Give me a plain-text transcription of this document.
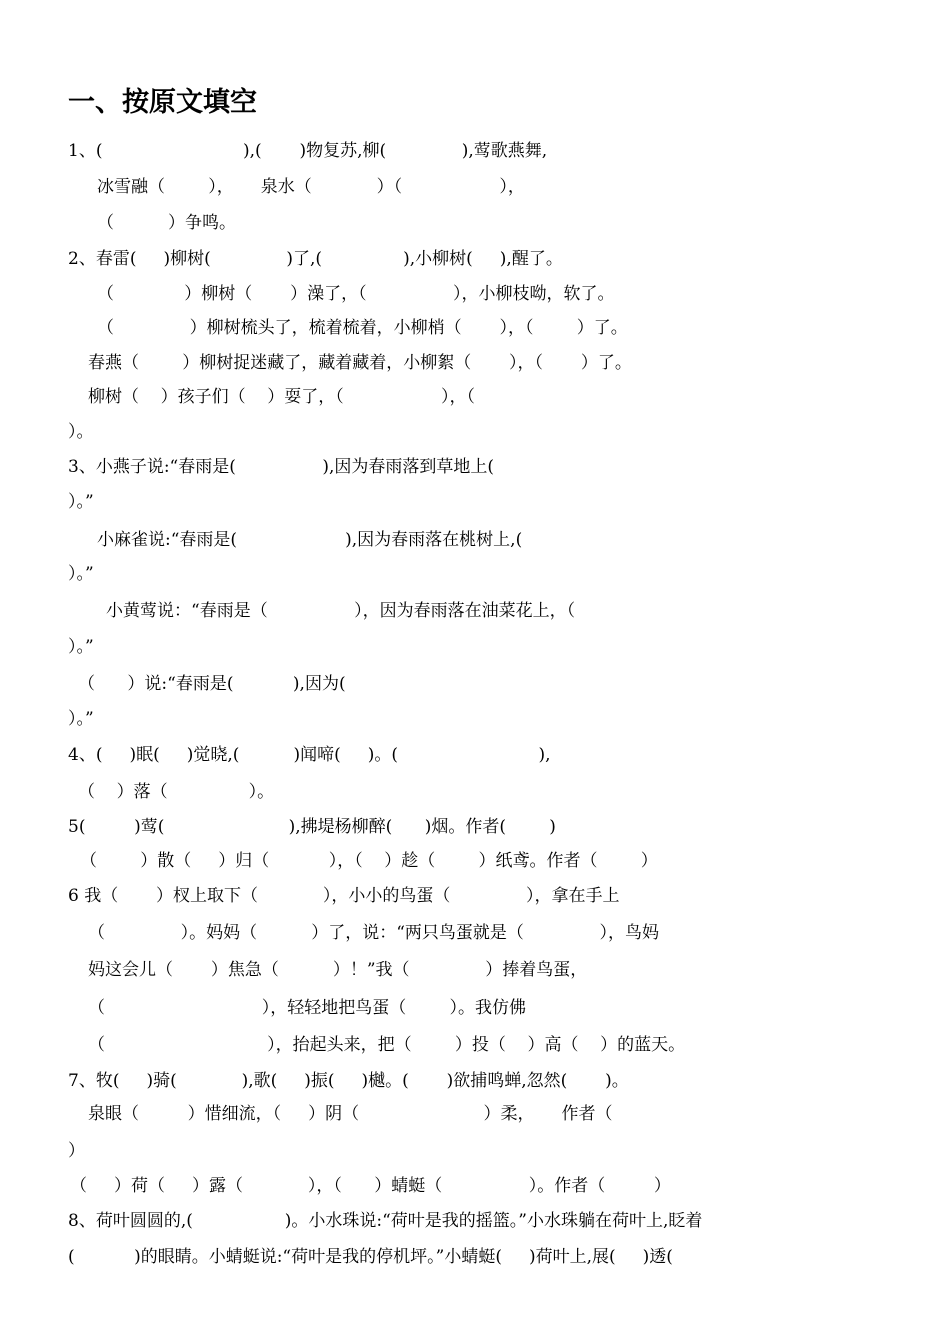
一、按原文填空
1、(                          ),(       )物复苏,柳(              ),莺歌燕舞,
冰雪融（        ），     泉水（            ）（                  ），
（          ）争鸣。
2、春雷(     )柳树(              )了,(               ),小柳树(     ),醒了。
（             ）柳树（       ）澡了，（                ），小柳枝呦，软了。
（              ）柳树梳头了，梳着梳着，小柳梢（       ），（        ）了。
春燕（        ）柳树捉迷藏了，藏着藏着，小柳絮（       ），（       ）了。
柳树（    ）孩子们（    ）耍了，（                  ），（
）。
3、小燕子说:“春雨是(                ),因为春雨落到草地上(
）。”
小麻雀说:“春雨是(                    ),因为春雨落在桃树上,(
）。”
小黄莺说：“春雨是（                ），因为春雨落在油菜花上，（
）。”
（      ）说:“春雨是(           ),因为(
）。”
4、(     )眠(     )觉晓,(          )闻啼(     )。(                          ),
（    ）落（               ）。
5(         )莺(                       ),拂堤杨柳醉(      )烟。作者(        )
（        ）散（     ）归（           ），（    ）趁（        ）纸鸢。作者（        ）
6 我（       ）杈上取下（            ），小小的鸟蛋（              ），拿在手上
（              ）。妈妈（          ）了，说：“两只鸟蛋就是（              ），鸟妈
妈这会儿（       ）焦急（          ）！”我（              ）捧着鸟蛋，
（                             ），轻轻地把鸟蛋（        ）。我仿佛
（                              ），抬起头来，把（        ）投（    ）高（    ）的蓝天。
7、牧(     )骑(            ),歌(     )振(     )樾。(       )欲捕鸣蝉,忽然(       )。
泉眼（         ）惜细流，（     ）阴（                       ）柔，     作者（
）
（     ）荷（     ）露（            ），（      ）蜻蜓（                ）。作者（         ）
8、荷叶圆圆的,(                 )。小水珠说:“荷叶是我的摇篮。”小水珠躺在荷叶上,眨着
(           )的眼睛。小蜻蜓说:“荷叶是我的停机坪。”小蜻蜓(     )荷叶上,展(     )透(
